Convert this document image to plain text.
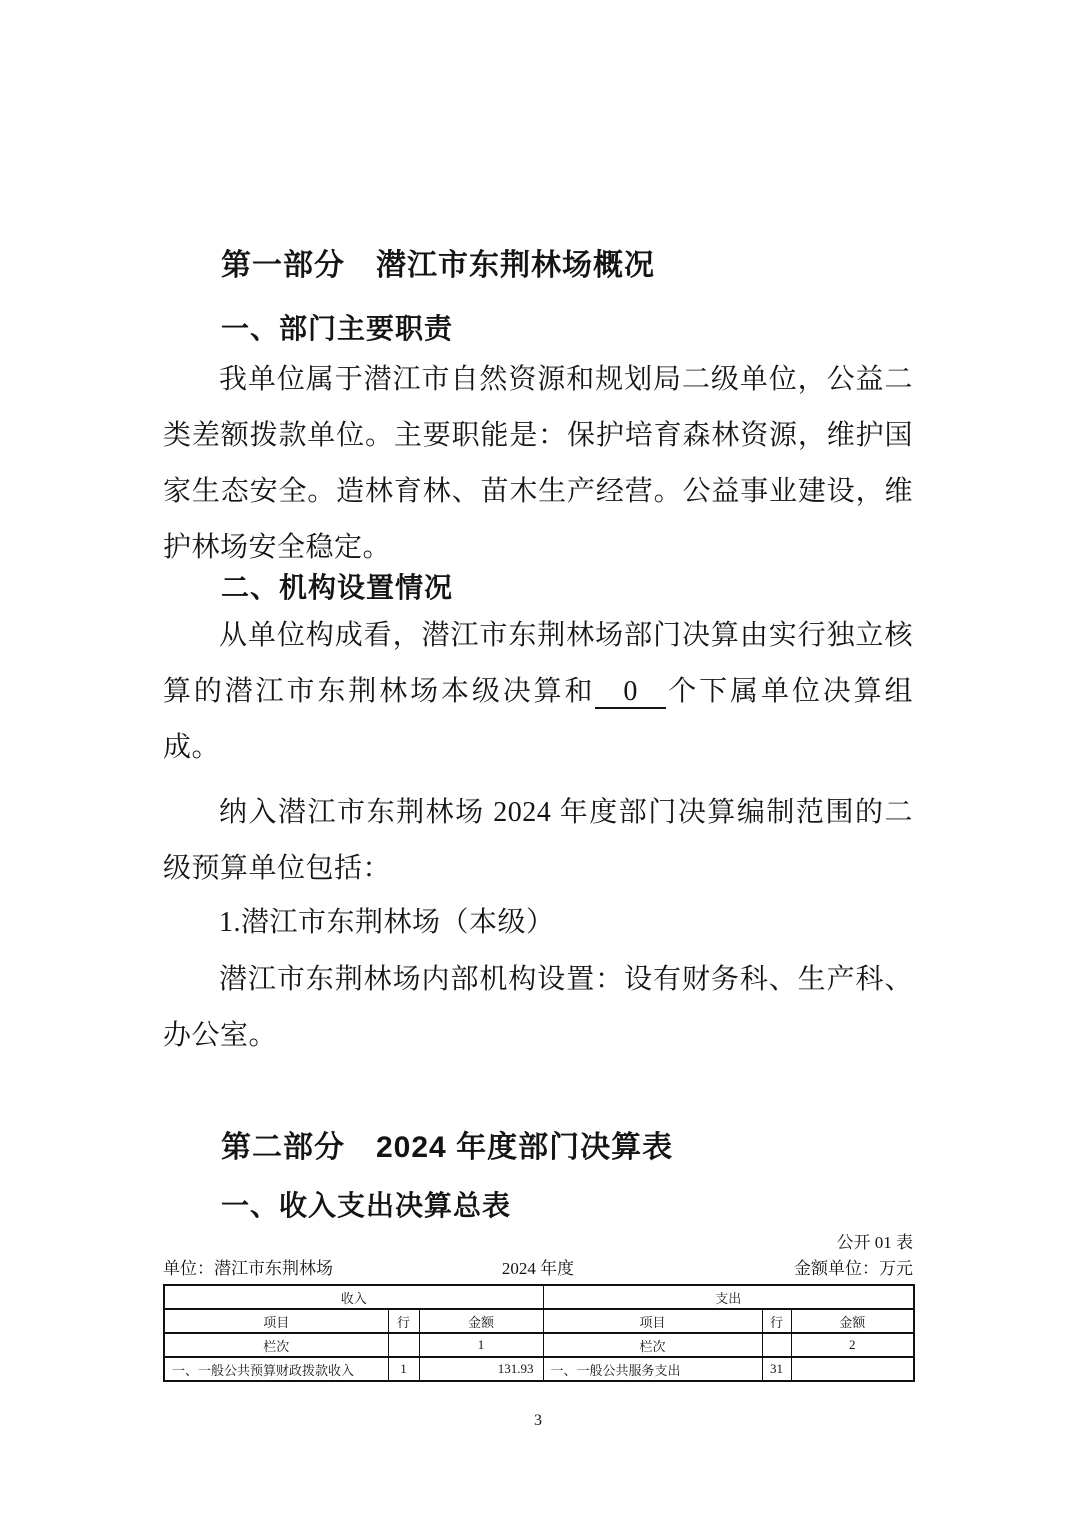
第一部分　潜江市东荆林场概况
一、部门主要职责
我单位属于潜江市自然资源和规划局二级单位，公益二类差额拨款单位。主要职能是：保护培育森林资源，维护国家生态安全。造林育林、苗木生产经营。公益事业建设，维护林场安全稳定。
二、机构设置情况
从单位构成看，潜江市东荆林场部门决算由实行独立核算的潜江市东荆林场本级决算和 0 个下属单位决算组成。
纳入潜江市东荆林场 2024 年度部门决算编制范围的二级预算单位包括：
1.潜江市东荆林场（本级）
潜江市东荆林场内部机构设置：设有财务科、生产科、办公室。
第二部分　2024 年度部门决算表
一、收入支出决算总表
公开 01 表
单位：潜江市东荆林场	2024 年度	金额单位：万元
收入			支出		
项目	行	金额	项目	行	金额
栏次		1	栏次		2
一、一般公共预算财政拨款收入	1	131.93	一、一般公共服务支出	31	
3
